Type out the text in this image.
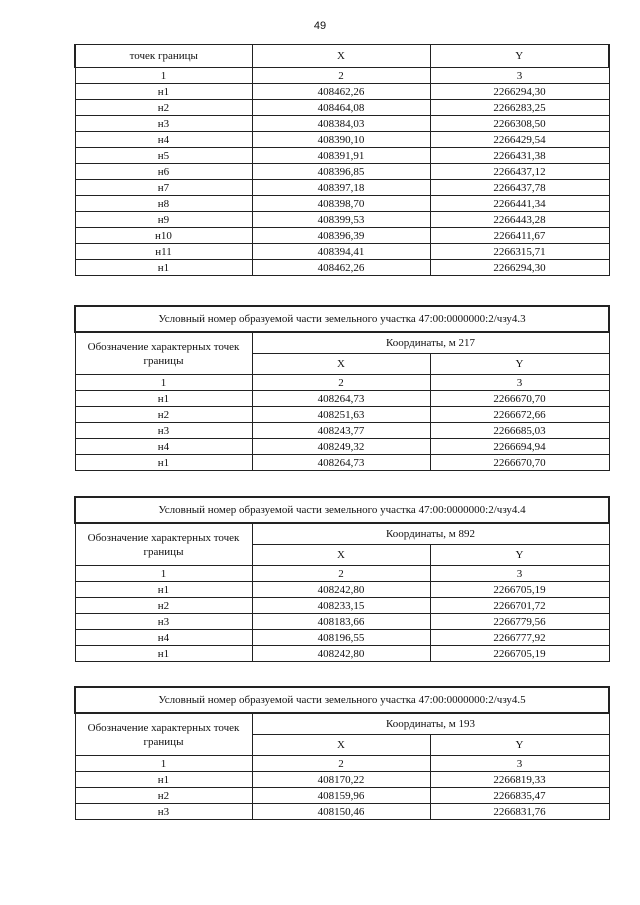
49
точек границы	X	Y
1	2	3
н1	408462,26	2266294,30
н2	408464,08	2266283,25
н3	408384,03	2266308,50
н4	408390,10	2266429,54
н5	408391,91	2266431,38
н6	408396,85	2266437,12
н7	408397,18	2266437,78
н8	408398,70	2266441,34
н9	408399,53	2266443,28
н10	408396,39	2266411,67
н11	408394,41	2266315,71
н1	408462,26	2266294,30
Условный номер образуемой части земельного участка 47:00:0000000:2/чзу4.3		
Обозначение характерных точек границы	Координаты, м 217	
	X	Y
1	2	3
н1	408264,73	2266670,70
н2	408251,63	2266672,66
н3	408243,77	2266685,03
н4	408249,32	2266694,94
н1	408264,73	2266670,70
Условный номер образуемой части земельного участка 47:00:0000000:2/чзу4.4		
Обозначение характерных точек границы	Координаты, м 892	
	X	Y
1	2	3
н1	408242,80	2266705,19
н2	408233,15	2266701,72
н3	408183,66	2266779,56
н4	408196,55	2266777,92
н1	408242,80	2266705,19
Условный номер образуемой части земельного участка 47:00:0000000:2/чзу4.5		
Обозначение характерных точек границы	Координаты, м 193	
	X	Y
1	2	3
н1	408170,22	2266819,33
н2	408159,96	2266835,47
н3	408150,46	2266831,76
